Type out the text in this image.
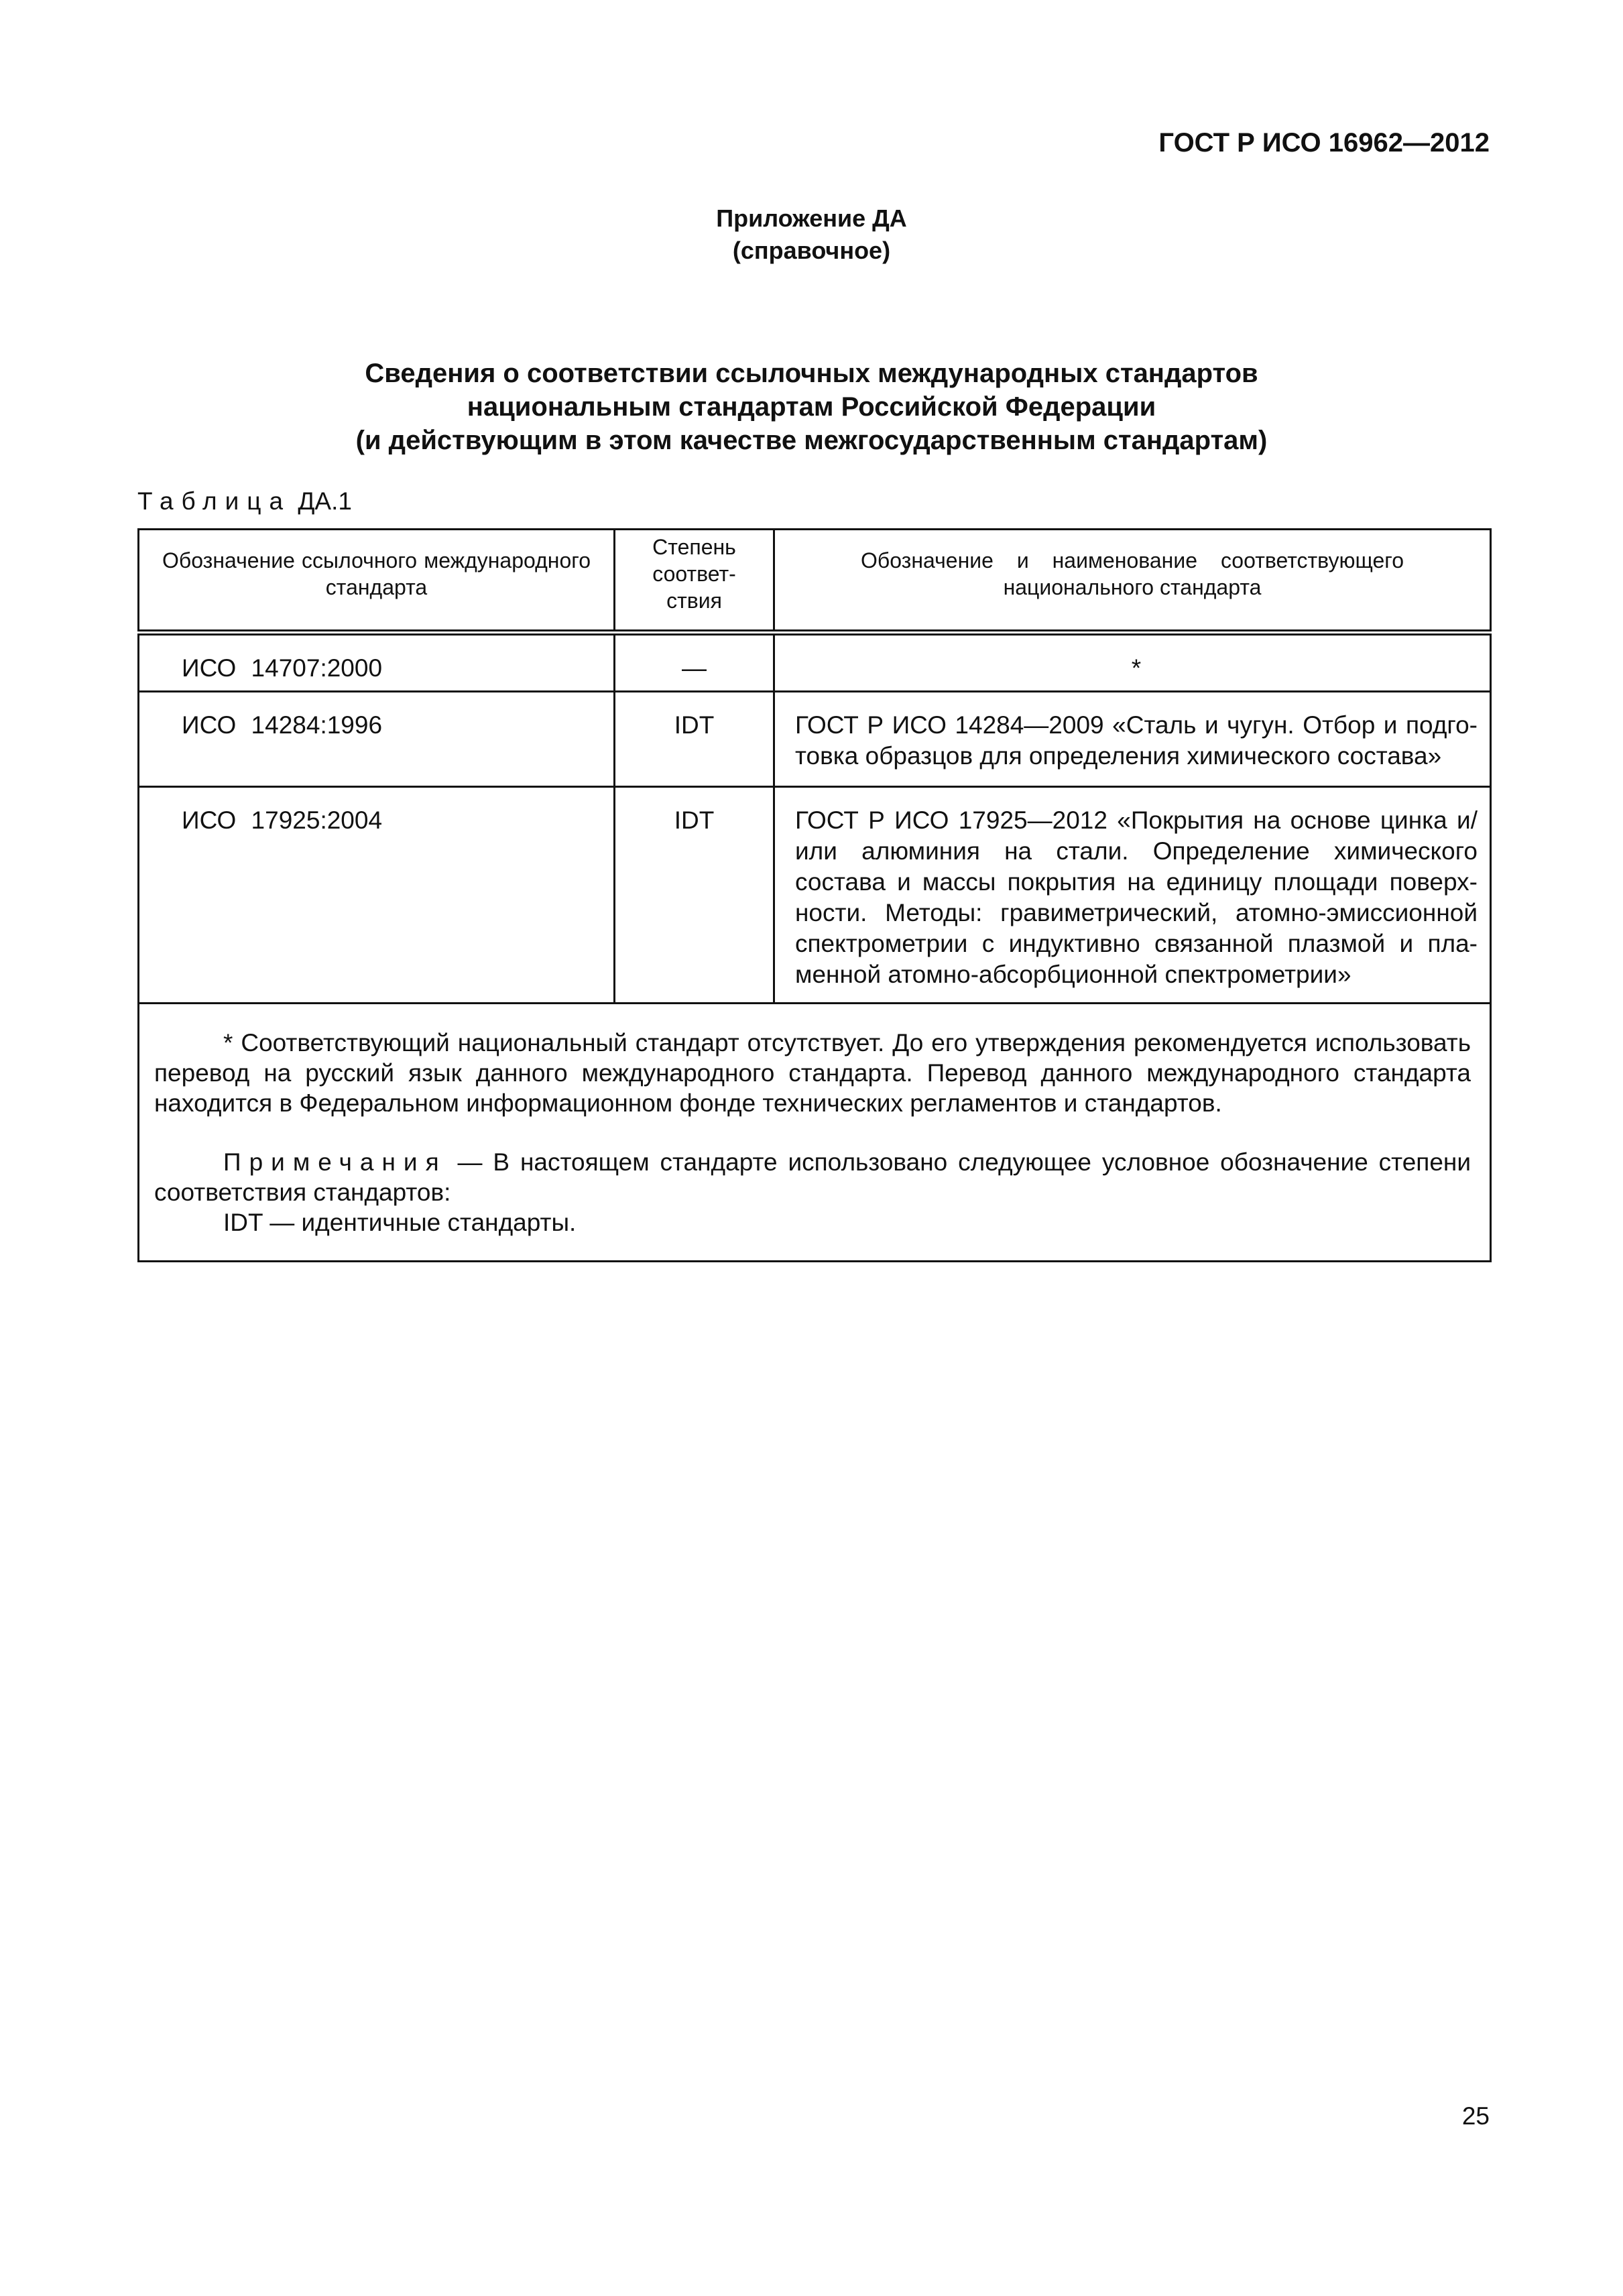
ГОСТ Р ИСО 16962—2012
Приложение ДА
(справочное)
Сведения о соответствии ссылочных международных стандартов
национальным стандартам Российской Федерации
(и действующим в этом качестве межгосударственным стандартам)
Таблица ДА.1
Обозначение ссылочного международного стандарта	Степень соответствия	Обозначение и наименование соответствующего национального стандарта
ИСО 14707:2000	—	*
ИСО 14284:1996	IDT	ГОСТ Р ИСО 14284—2009 «Сталь и чугун. Отбор и подготовка образцов для определения химического состава»
ИСО 17925:2004	IDT	ГОСТ Р ИСО 17925—2012 «Покрытия на основе цинка и/или алюминия на стали. Определение химического состава и массы покрытия на единицу площади поверхности. Методы: гравиметрический, атомно-эмиссионной спектрометрии с индуктивно связанной плазмой и пламенной атомно-абсорбционной спектрометрии»

* Соответствующий национальный стандарт отсутствует. До его утверждения рекомендуется использовать перевод на русский язык данного международного стандарта. Перевод данного международного стандарта находится в Федеральном информационном фонде технических регламентов и стандартов.

Примечания — В настоящем стандарте использовано следующее условное обозначение степени соответствия стандартов:

IDT — идентичные стандарты.		

25
